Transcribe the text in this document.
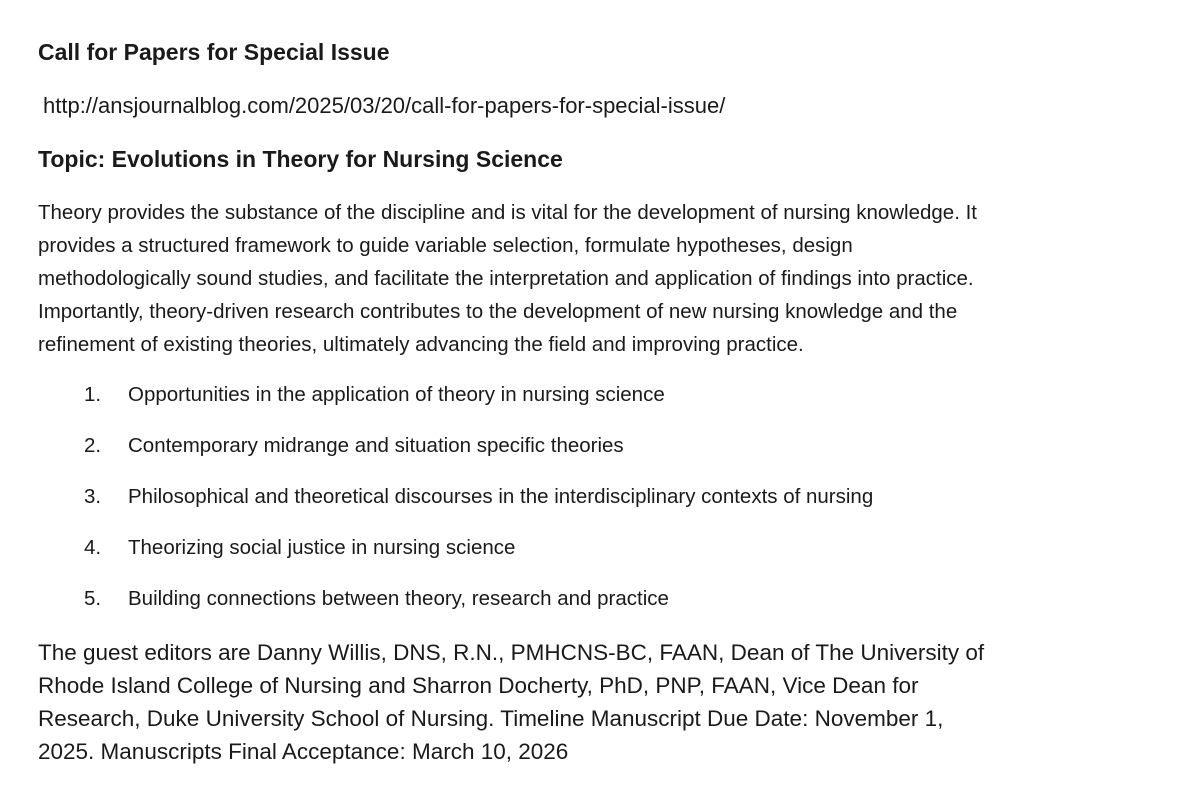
Call for Papers for Special Issue
http://ansjournalblog.com/2025/03/20/call-for-papers-for-special-issue/
Topic: Evolutions in Theory for Nursing Science
Theory provides the substance of the discipline and is vital for the development of nursing knowledge. It
provides a structured framework to guide variable selection, formulate hypotheses, design
methodologically sound studies, and facilitate the interpretation and application of findings into practice.
Importantly, theory-driven research contributes to the development of new nursing knowledge and the
refinement of existing theories, ultimately advancing the field and improving practice.
1. Opportunities in the application of theory in nursing science
2. Contemporary midrange and situation specific theories
3. Philosophical and theoretical discourses in the interdisciplinary contexts of nursing
4. Theorizing social justice in nursing science
5. Building connections between theory, research and practice
The guest editors are Danny Willis, DNS, R.N., PMHCNS-BC, FAAN, Dean of The University of
Rhode Island College of Nursing and Sharron Docherty, PhD, PNP, FAAN, Vice Dean for
Research, Duke University School of Nursing. Timeline Manuscript Due Date: November 1,
2025. Manuscripts Final Acceptance: March 10, 2026
